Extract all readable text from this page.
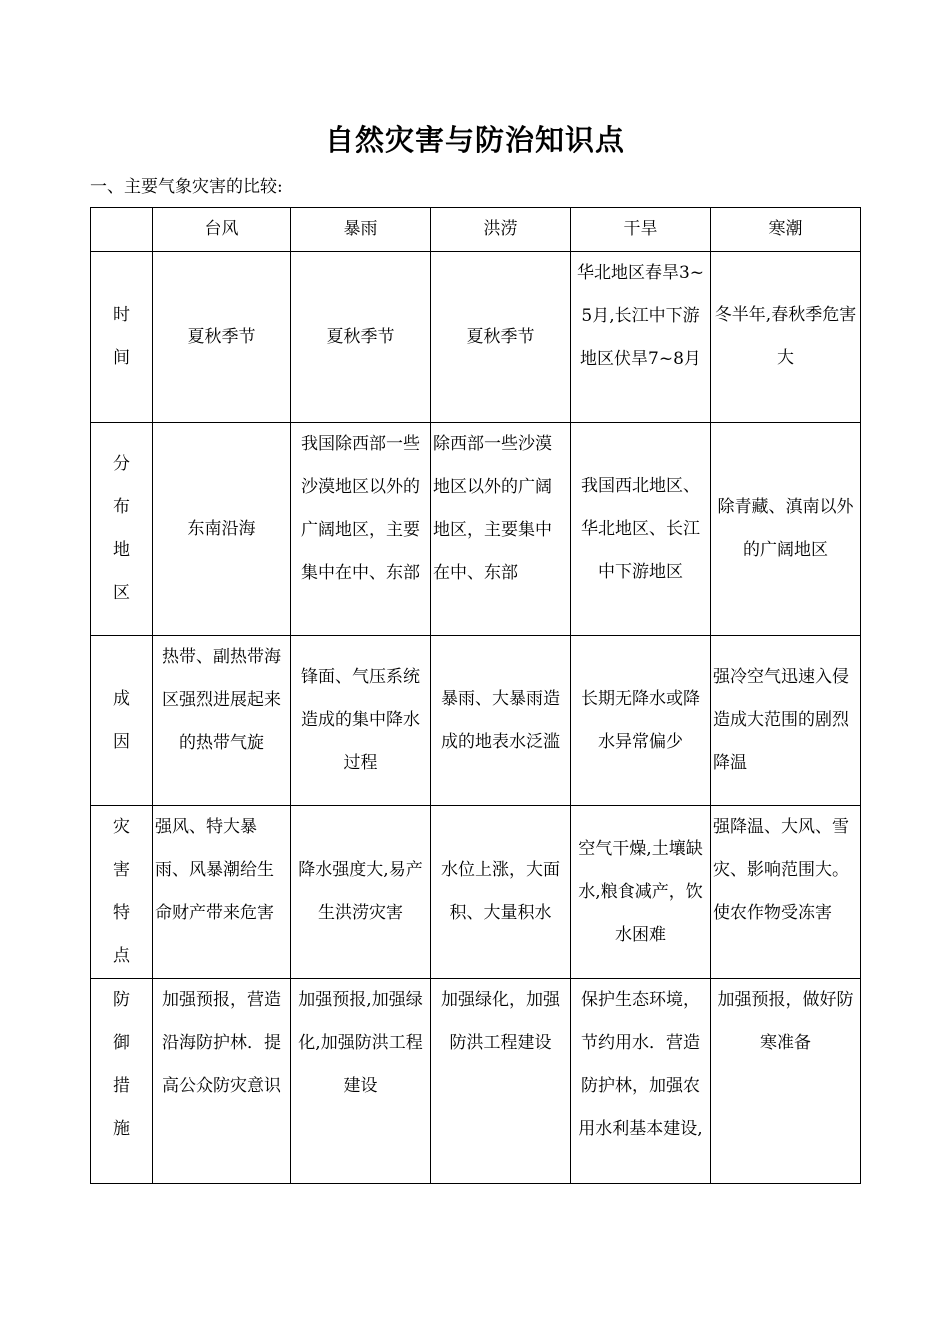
自然灾害与防治知识点
一、主要气象灾害的比较:
	台风	暴雨	洪涝	干旱	寒潮

时间	夏秋季节	夏秋季节	夏秋季节	华北地区春旱3~5月,长江中下游地区伏旱7~8月	冬半年,春秋季危害大

分布地区	东南沿海	我国除西部一些沙漠地区以外的广阔地区，主要集中在中、东部	除西部一些沙漠地区以外的广阔地区，主要集中在中、东部	我国西北地区、华北地区、长江中下游地区	除青藏、滇南以外的广阔地区

成因	热带、副热带海区强烈进展起来的热带气旋	锋面、气压系统造成的集中降水过程	暴雨、大暴雨造成的地表水泛滥	长期无降水或降水异常偏少	强冷空气迅速入侵造成大范围的剧烈降温

灾害特点	强风、特大暴雨、风暴潮给生命财产带来危害	降水强度大,易产生洪涝灾害	水位上涨，大面积、大量积水	空气干燥,土壤缺水,粮食减产，饮水困难	强降温、大风、雪灾、影响范围大。使农作物受冻害

防御措施	加强预报，营造沿海防护林．提高公众防灾意识	加强预报,加强绿化,加强防洪工程建设	加强绿化，加强防洪工程建设	保护生态环境，节约用水．营造防护林，加强农用水利基本建设,	加强预报，做好防寒准备
